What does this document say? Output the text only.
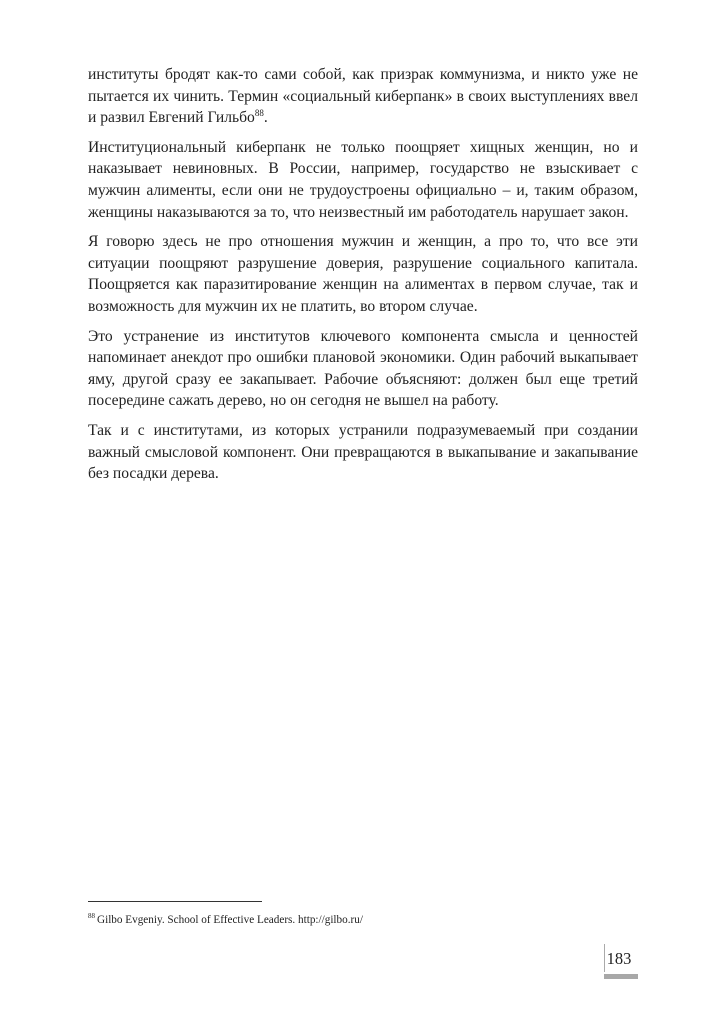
институты бродят как-то сами собой, как призрак коммунизма, и никто уже не пытается их чинить. Термин «социальный киберпанк» в своих выступлениях ввел и развил Евгений Гильбо$^{88}$.

Институциональный киберпанк не только поощряет хищных женщин, но и наказывает невиновных. В России, например, государство не взыскивает с мужчин алименты, если они не трудоустроены официально – и, таким образом, женщины наказываются за то, что неизвестный им работодатель нарушает закон.

Я говорю здесь не про отношения мужчин и женщин, а про то, что все эти ситуации поощряют разрушение доверия, разрушение социального капитала. Поощряется как паразитирование женщин на алиментах в первом случае, так и возможность для мужчин их не платить, во втором случае.

Это устранение из институтов ключевого компонента смысла и ценностей напоминает анекдот про ошибки плановой экономики. Один рабочий выкапывает яму, другой сразу ее закапывает. Рабочие объясняют: должен был еще третий посередине сажать дерево, но он сегодня не вышел на работу.

Так и с институтами, из которых устранили подразумеваемый при создании важный смысловой компонент. Они превращаются в выкапывание и закапывание без посадки дерева.

$^{88}$ Gilbo Evgeniy. School of Effective Leaders. http://gilbo.ru/
183
